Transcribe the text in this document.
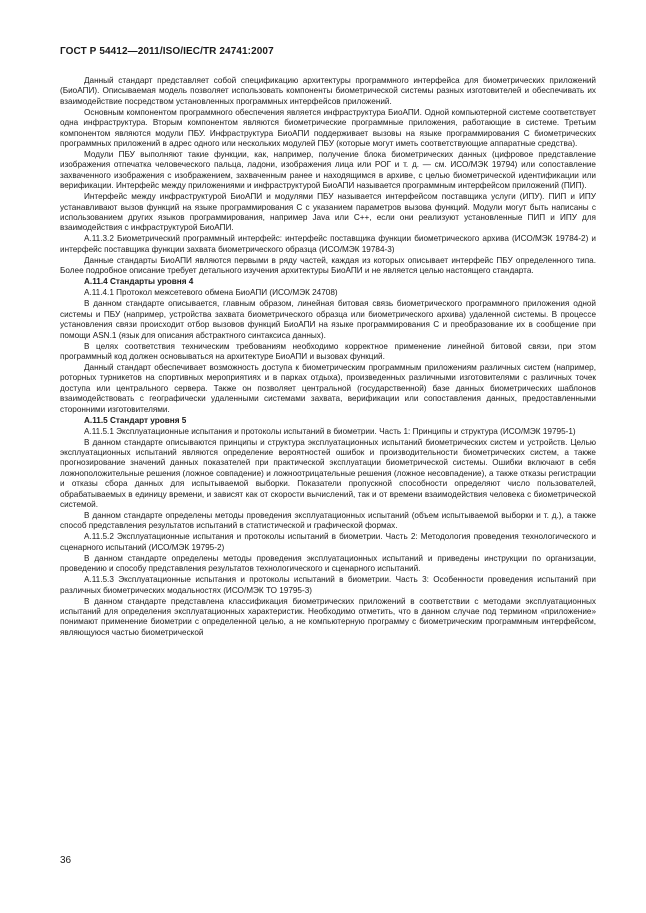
ГОСТ Р 54412—2011/ISO/IEC/TR 24741:2007

Данный стандарт представляет собой спецификацию архитектуры программного интерфейса для биометрических приложений (БиоАПИ). Описываемая модель позволяет использовать компоненты биометрической системы разных изготовителей и обеспечивать их взаимодействие посредством установленных программных интерфейсов приложений.

Основным компонентом программного обеспечения является инфраструктура БиоАПИ. Одной компьютерной системе соответствует одна инфраструктура. Вторым компонентом являются биометрические программные приложения, работающие в системе. Третьим компонентом являются модули ПБУ. Инфраструктура БиоАПИ поддерживает вызовы на языке программирования С биометрических программных приложений в адрес одного или нескольких модулей ПБУ (которые могут иметь соответствующие аппаратные средства).

Модули ПБУ выполняют такие функции, как, например, получение блока биометрических данных (цифровое представление изображения отпечатка человеческого пальца, ладони, изображения лица или РОГ и т. д. — см. ИСО/МЭК 19794) или сопоставление захваченного изображения с изображением, захваченным ранее и находящимся в архиве, с целью биометрической идентификации или верификации. Интерфейс между приложениями и инфраструктурой БиоАПИ называется программным интерфейсом приложений (ПИП).

Интерфейс между инфраструктурой БиоАПИ и модулями ПБУ называется интерфейсом поставщика услуги (ИПУ). ПИП и ИПУ устанавливают вызов функций на языке программирования С с указанием параметров вызова функций. Модули могут быть написаны с использованием других языков программирования, например Java или С++, если они реализуют установленные ПИП и ИПУ для взаимодействия с инфраструктурой БиоАПИ.

А.11.3.2 Биометрический программный интерфейс: интерфейс поставщика функции биометрического архива (ИСО/МЭК 19784-2) и интерфейс поставщика функции захвата биометрического образца (ИСО/МЭК 19784-3)

Данные стандарты БиоАПИ являются первыми в ряду частей, каждая из которых описывает интерфейс ПБУ определенного типа. Более подробное описание требует детального изучения архитектуры БиоАПИ и не является целью настоящего стандарта.

А.11.4 Стандарты уровня 4

А.11.4.1 Протокол межсетевого обмена БиоАПИ (ИСО/МЭК 24708)

В данном стандарте описывается, главным образом, линейная битовая связь биометрического программного приложения одной системы и ПБУ (например, устройства захвата биометрического образца или биометрического архива) удаленной системы. В процессе установления связи происходит отбор вызовов функций БиоАПИ на языке программирования С и преобразование их в сообщение при помощи ASN.1 (язык для описания абстрактного синтаксиса данных).

В целях соответствия техническим требованиям необходимо корректное применение линейной битовой связи, при этом программный код должен основываться на архитектуре БиоАПИ и вызовах функций.

Данный стандарт обеспечивает возможность доступа к биометрическим программным приложениям различных систем (например, роторных турникетов на спортивных мероприятиях и в парках отдыха), произведенных различными изготовителями с различных точек доступа или центрального сервера. Также он позволяет центральной (государственной) базе данных биометрических шаблонов взаимодействовать с географически удаленными системами захвата, верификации или сопоставления данных, предоставленными сторонними изготовителями.

А.11.5 Стандарт уровня 5

А.11.5.1 Эксплуатационные испытания и протоколы испытаний в биометрии. Часть 1: Принципы и структура (ИСО/МЭК 19795-1)

В данном стандарте описываются принципы и структура эксплуатационных испытаний биометрических систем и устройств. Целью эксплуатационных испытаний являются определение вероятностей ошибок и производительности биометрических систем, а также прогнозирование значений данных показателей при практической эксплуатации биометрической системы. Ошибки включают в себя ложноположительные решения (ложное совпадение) и ложноотрицательные решения (ложное несовпадение), а также отказы регистрации и отказы сбора данных для испытываемой выборки. Показатели пропускной способности определяют число пользователей, обрабатываемых в единицу времени, и зависят как от скорости вычислений, так и от времени взаимодействия человека с биометрической системой.

В данном стандарте определены методы проведения эксплуатационных испытаний (объем испытываемой выборки и т. д.), а также способ представления результатов испытаний в статистической и графической формах.

А.11.5.2 Эксплуатационные испытания и протоколы испытаний в биометрии. Часть 2: Методология проведения технологического и сценарного испытаний (ИСО/МЭК 19795-2)

В данном стандарте определены методы проведения эксплуатационных испытаний и приведены инструкции по организации, проведению и способу представления результатов технологического и сценарного испытаний.

А.11.5.3 Эксплуатационные испытания и протоколы испытаний в биометрии. Часть 3: Особенности проведения испытаний при различных биометрических модальностях (ИСО/МЭК ТО 19795-3)

В данном стандарте представлена классификация биометрических приложений в соответствии с методами эксплуатационных испытаний для определения эксплуатационных характеристик. Необходимо отметить, что в данном случае под термином «приложение» понимают применение биометрии с определенной целью, а не компьютерную программу с биометрическим программным интерфейсом, являющуюся частью биометрической

36
